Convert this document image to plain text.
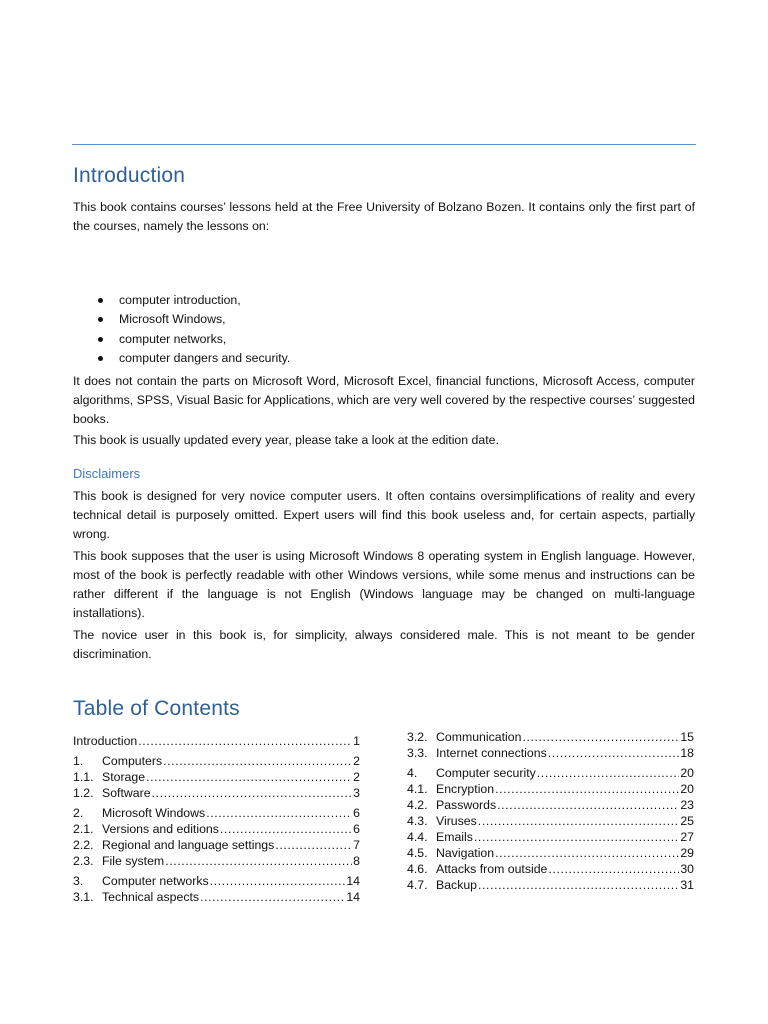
Introduction

This book contains courses’ lessons held at the Free University of Bolzano Bozen. It contains only the first part of the courses, namely the lessons on:

computer introduction,
Microsoft Windows,
computer networks,
computer dangers and security.

It does not contain the parts on Microsoft Word, Microsoft Excel, financial functions, Microsoft Access, computer algorithms, SPSS, Visual Basic for Applications, which are very well covered by the respective courses’ suggested books.

This book is usually updated every year, please take a look at the edition date.

Disclaimers

This book is designed for very novice computer users. It often contains oversimplifications of reality and every technical detail is purposely omitted. Expert users will find this book useless and, for certain aspects, partially wrong.

This book supposes that the user is using Microsoft Windows 8 operating system in English language. However, most of the book is perfectly readable with other Windows versions, while some menus and instructions can be rather different if the language is not English (Windows language may be changed on multi-language installations).

The novice user in this book is, for simplicity, always considered male. This is not meant to be gender discrimination.

Table of Contents
Introduction .....	1
1.	Computers .....	2
1.1. Storage .....	2
1.2. Software .....	3
2.	Microsoft Windows .....	6
2.1. Versions and editions .....	6
2.2. Regional and language settings .....	7
2.3. File system .....	8
3.	Computer networks .....	14
3.1. Technical aspects .....	14
3.2. Communication .....	15
3.3. Internet connections .....	18
4.	Computer security .....	20
4.1. Encryption .....	20
4.2. Passwords .....	23
4.3. Viruses .....	25
4.4. Emails .....	27
4.5. Navigation .....	29
4.6. Attacks from outside .....	30
4.7. Backup .....	31
